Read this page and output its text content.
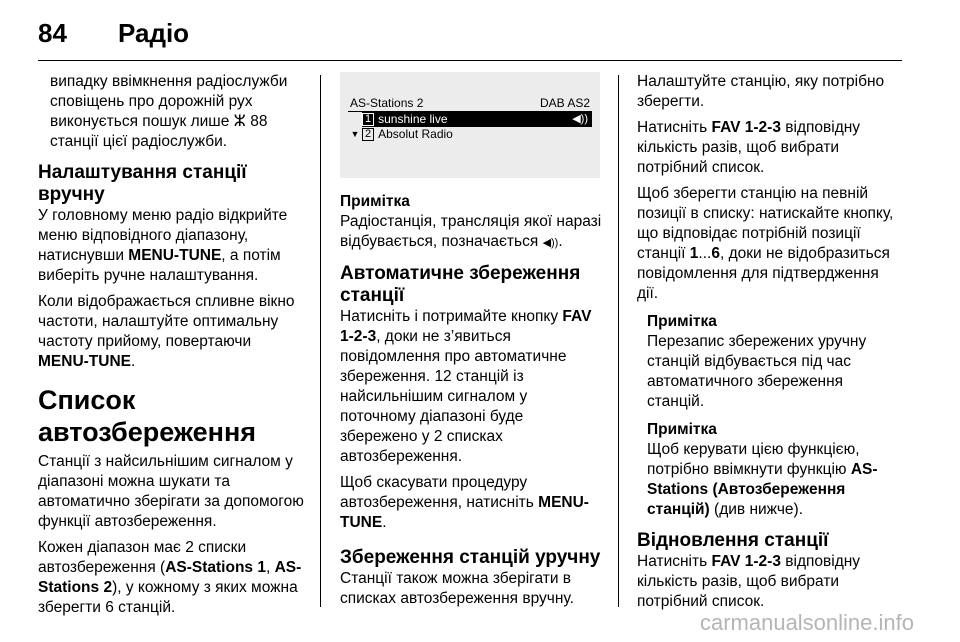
84 Радіо

випадку ввімкнення радіослужби сповіщень про дорожній рух виконується пошук лише ⵣ 88 станції цієї радіослужби.

Налаштування станції вручну

У головному меню радіо відкрийте меню відповідного діапазону, натиснувши MENU-TUNE, а потім виберіть ручне налаштування.

Коли відображається спливне вікно частоти, налаштуйте оптимальну частоту прийому, повертаючи MENU-TUNE.

Список автозбереження

Станції з найсильнішим сигналом у діапазоні можна шукати та автоматично зберігати за допомогою функції автозбереження.

Кожен діапазон має 2 списки автозбереження (AS-Stations 1, AS-Stations 2), у кожному з яких можна зберегти 6 станцій.

AS-Stations 2	DAB AS2
1 sunshine live	◀))
▼ 2 Absolut Radio
Примітка
Радіостанція, трансляція якої наразі відбувається, позначається ◀)).
Автоматичне збереження станції

Натисніть і потримайте кнопку FAV 1-2-3, доки не з’явиться повідомлення про автоматичне збереження. 12 станцій із найсильнішим сигналом у поточному діапазоні буде збережено у 2 списках автозбереження.

Щоб скасувати процедуру автозбереження, натисніть MENU-TUNE.

Збереження станцій уручну

Станції також можна зберігати в списках автозбереження вручну.

Налаштуйте станцію, яку потрібно зберегти.

Натисніть FAV 1-2-3 відповідну кількість разів, щоб вибрати потрібний список.

Щоб зберегти станцію на певній позиції в списку: натискайте кнопку, що відповідає потрібній позиції станції 1...6, доки не відобразиться повідомлення для підтвердження дії.

Примітка
Перезапис збережених уручну станцій відбувається під час автоматичного збереження станцій.
Примітка
Щоб керувати цією функцією, потрібно ввімкнути функцію AS-Stations (Автозбереження станцій) (див нижче).
Відновлення станції

Натисніть FAV 1-2-3 відповідну кількість разів, щоб вибрати потрібний список.

carmanualsonline.info
